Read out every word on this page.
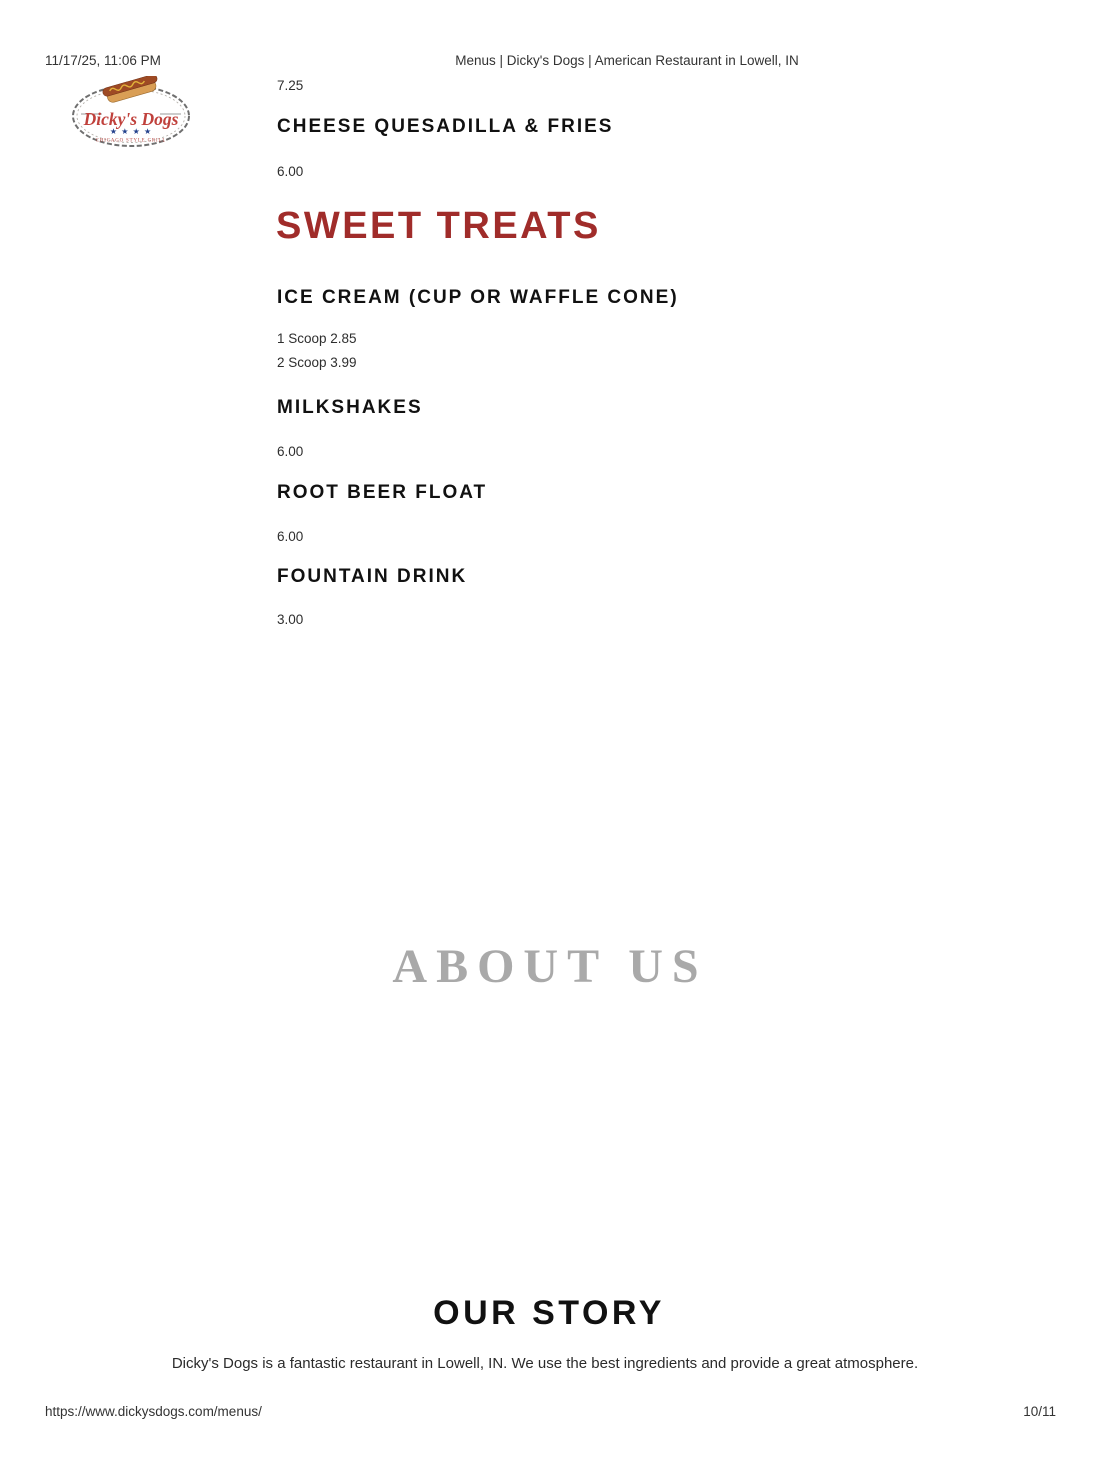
11/17/25, 11:06 PM	Menus | Dicky's Dogs | American Restaurant in Lowell, IN
Dicky's Dogs
★ ★ ★ ★
CHICAGO STYLE GRILL
7.25
CHEESE QUESADILLA & FRIES
6.00
SWEET TREATS
ICE CREAM (CUP OR WAFFLE CONE)
1 Scoop 2.85
2 Scoop 3.99
MILKSHAKES
6.00
ROOT BEER FLOAT
6.00
FOUNTAIN DRINK
3.00
ABOUT US
OUR STORY
Dicky's Dogs is a fantastic restaurant in Lowell, IN. We use the best ingredients and provide a great atmosphere.
https://www.dickysdogs.com/menus/	10/11
